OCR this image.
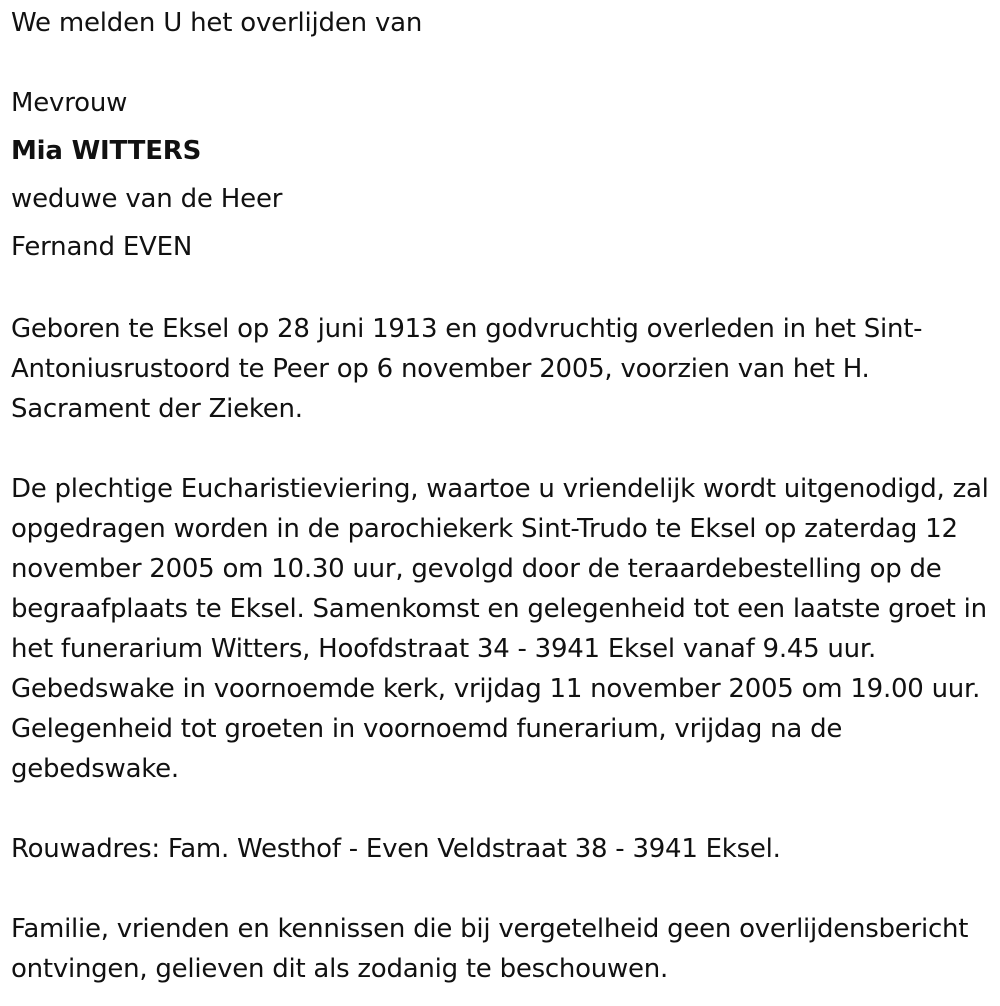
We melden U het overlijden van

Mevrouw

Mia WITTERS

weduwe van de Heer

Fernand EVEN

Geboren te Eksel op 28 juni 1913 en godvruchtig overleden in het Sint-Antoniusrustoord te Peer op 6 november 2005, voorzien van het H. Sacrament der Zieken.

De plechtige Eucharistieviering, waartoe u vriendelijk wordt uitgenodigd, zal opgedragen worden in de parochiekerk Sint-Trudo te Eksel op zaterdag 12 november 2005 om 10.30 uur, gevolgd door de teraardebestelling op de begraafplaats te Eksel. Samenkomst en gelegenheid tot een laatste groet in het funerarium Witters, Hoofdstraat 34 - 3941 Eksel vanaf 9.45 uur. Gebedswake in voornoemde kerk, vrijdag 11 november 2005 om 19.00 uur. Gelegenheid tot groeten in voornoemd funerarium, vrijdag na de gebedswake.

Rouwadres: Fam. Westhof - Even Veldstraat 38 - 3941 Eksel.

Familie, vrienden en kennissen die bij vergetelheid geen overlijdensbericht ontvingen, gelieven dit als zodanig te beschouwen.
